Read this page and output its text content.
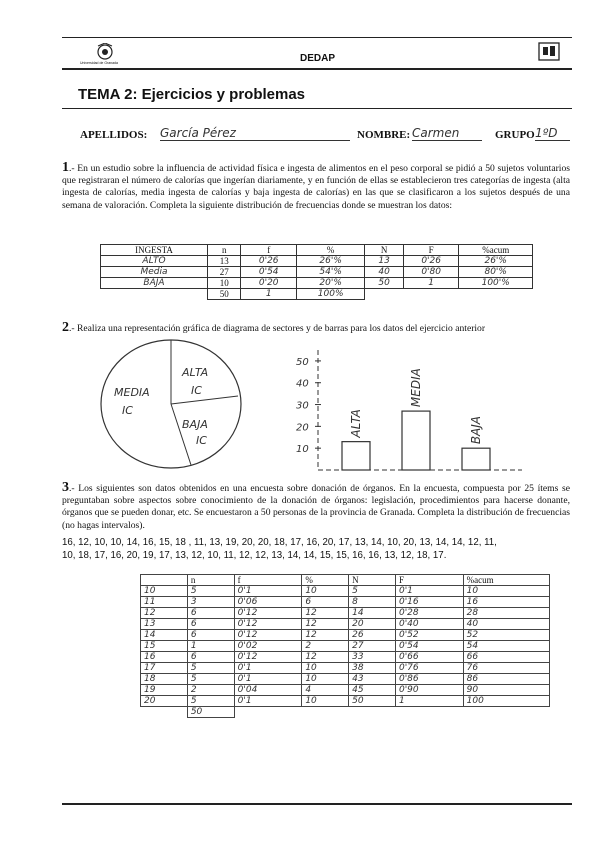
Universidad de Granada	DEDAP
TEMA 2: Ejercicios y problemas
APELLIDOS: García Pérez	NOMBRE: Carmen	GRUPO 1ºD
1.- En un estudio sobre la influencia de actividad física e ingesta de alimentos en el peso corporal se pidió a 50 sujetos voluntarios que registraran el número de calorías que ingerían diariamente, y en función de ellas se establecieron tres categorías de ingesta (alta ingesta de calorías, media ingesta de calorías y baja ingesta de calorías) en las que se clasificaron a los sujetos después de una semana de valoración. Completa la siguiente distribución de frecuencias donde se muestran los datos:
INGESTA	n	f	%	N	F	%acum
ALTO	13	0'26	26'%	13	0'26	26'%
Media	27	0'54	54'%	40	0'80	80'%
BAJA	10	0'20	20'%	50	1	100'%
	50	1	100%			
2.- Realiza una representación gráfica de diagrama de sectores y de barras para los datos del ejercicio anterior
ALTA
IC
MEDIA
IC
BAJA
IC
10
20
30
40
50
ALTA
MEDIA
BAJA
3.- Los siguientes son datos obtenidos en una encuesta sobre donación de órganos. En la encuesta, compuesta por 25 ítems se preguntaban sobre aspectos sobre conocimiento de la donación de órganos: legislación, procedimientos para hacerse donante, órganos que se pueden donar, etc. Se encuestaron a 50 personas de la provincia de Granada. Completa la distribución de frecuencias (no hagas intervalos).
16, 12, 10, 10, 14, 16, 15, 18 , 11, 13, 19, 20, 20, 18, 17, 16, 20, 17, 13, 14, 10, 20, 13, 14, 14, 12, 11,
10, 18, 17, 16, 20, 19, 17, 13, 12, 10, 11, 12, 12, 13, 14, 14, 15, 15, 16, 16, 13, 12, 18, 17.
	n	f	%	N	F	%acum
10	5	0'1	10	5	0'1	10
11	3	0'06	6	8	0'16	16
12	6	0'12	12	14	0'28	28
13	6	0'12	12	20	0'40	40
14	6	0'12	12	26	0'52	52
15	1	0'02	2	27	0'54	54
16	6	0'12	12	33	0'66	66
17	5	0'1	10	38	0'76	76
18	5	0'1	10	43	0'86	86
19	2	0'04	4	45	0'90	90
20	5	0'1	10	50	1	100
	50					
